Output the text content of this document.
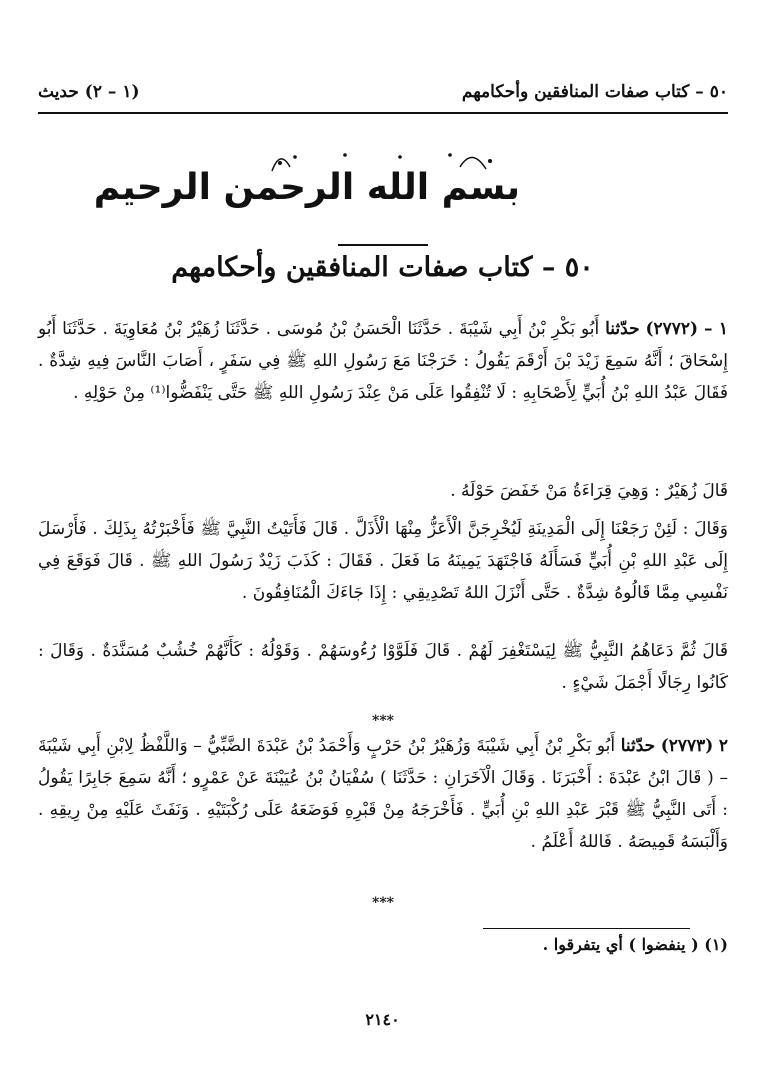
٥٠ – كتاب صفات المنافقين وأحكامهم
(١ – ٢) حديث
بسم الله الرحمن الرحيم
٥٠ – كتاب صفات المنافقين وأحكامهم

١ – (٢٧٧٢) حدّثنا أَبُو بَكْرِ بْنُ أَبِي شَيْبَةَ . حَدَّثَنَا الْحَسَنُ بْنُ مُوسَى . حَدَّثَنَا زُهَيْرُ بْنُ مُعَاوِيَةَ . حَدَّثَنَا أَبُو إِسْحَاقَ ؛ أَنَّهُ سَمِعَ زَيْدَ بْنَ أَرْقَمَ يَقُولُ : خَرَجْنَا مَعَ رَسُولِ اللهِ ﷺ فِي سَفَرٍ ، أَصَابَ النَّاسَ فِيهِ شِدَّةٌ . فَقَالَ عَبْدُ اللهِ بْنُ أُبَيٍّ لِأَصْحَابِهِ : لَا تُنْفِقُوا عَلَى مَنْ عِنْدَ رَسُولِ اللهِ ﷺ حَتَّى يَنْفَضُّوا⁽¹⁾ مِنْ حَوْلِهِ .

قَالَ زُهَيْرٌ : وَهِيَ قِرَاءَةُ مَنْ خَفَضَ حَوْلَهُ .

وَقَالَ : لَئِنْ رَجَعْنَا إِلَى الْمَدِينَةِ لَيُخْرِجَنَّ الْأَعَزُّ مِنْهَا الْأَذَلَّ . قَالَ فَأَتَيْتُ النَّبِيَّ ﷺ فَأَخْبَرْتُهُ بِذَلِكَ . فَأَرْسَلَ إِلَى عَبْدِ اللهِ بْنِ أُبَيٍّ فَسَأَلَهُ فَاجْتَهَدَ يَمِينَهُ مَا فَعَلَ . فَقَالَ : كَذَبَ زَيْدٌ رَسُولَ اللهِ ﷺ . قَالَ فَوَقَعَ فِي نَفْسِي مِمَّا قَالُوهُ شِدَّةٌ . حَتَّى أَنْزَلَ اللهُ تَصْدِيقِي : إِذَا جَاءَكَ الْمُنَافِقُونَ .

قَالَ ثُمَّ دَعَاهُمُ النَّبِيُّ ﷺ لِيَسْتَغْفِرَ لَهُمْ . قَالَ فَلَوَّوْا رُءُوسَهُمْ . وَقَوْلُهُ : كَأَنَّهُمْ خُشُبٌ مُسَنَّدَةٌ . وَقَالَ : كَانُوا رِجَالًا أَجْمَلَ شَيْءٍ .

***

٢ (٢٧٧٣) حدّثنا أَبُو بَكْرِ بْنُ أَبِي شَيْبَةَ وَزُهَيْرُ بْنُ حَرْبٍ وَأَحْمَدُ بْنُ عَبْدَةَ الضَّبِّيُّ – وَاللَّفْظُ لِابْنِ أَبِي شَيْبَةَ – ( قَالَ ابْنُ عَبْدَةَ : أَخْبَرَنَا . وَقَالَ الْآخَرَانِ : حَدَّثَنَا ) سُفْيَانُ بْنُ عُيَيْنَةَ عَنْ عَمْرٍو ؛ أَنَّهُ سَمِعَ جَابِرًا يَقُولُ : أَتَى النَّبِيُّ ﷺ قَبْرَ عَبْدِ اللهِ بْنِ أُبَيٍّ . فَأَخْرَجَهُ مِنْ قَبْرِهِ فَوَضَعَهُ عَلَى رُكْبَتَيْهِ . وَنَفَثَ عَلَيْهِ مِنْ رِيقِهِ . وَأَلْبَسَهُ قَمِيصَهُ . فَاللهُ أَعْلَمُ .

***
(١) ( ينفضوا ) أي يتفرقوا .
٢١٤٠
